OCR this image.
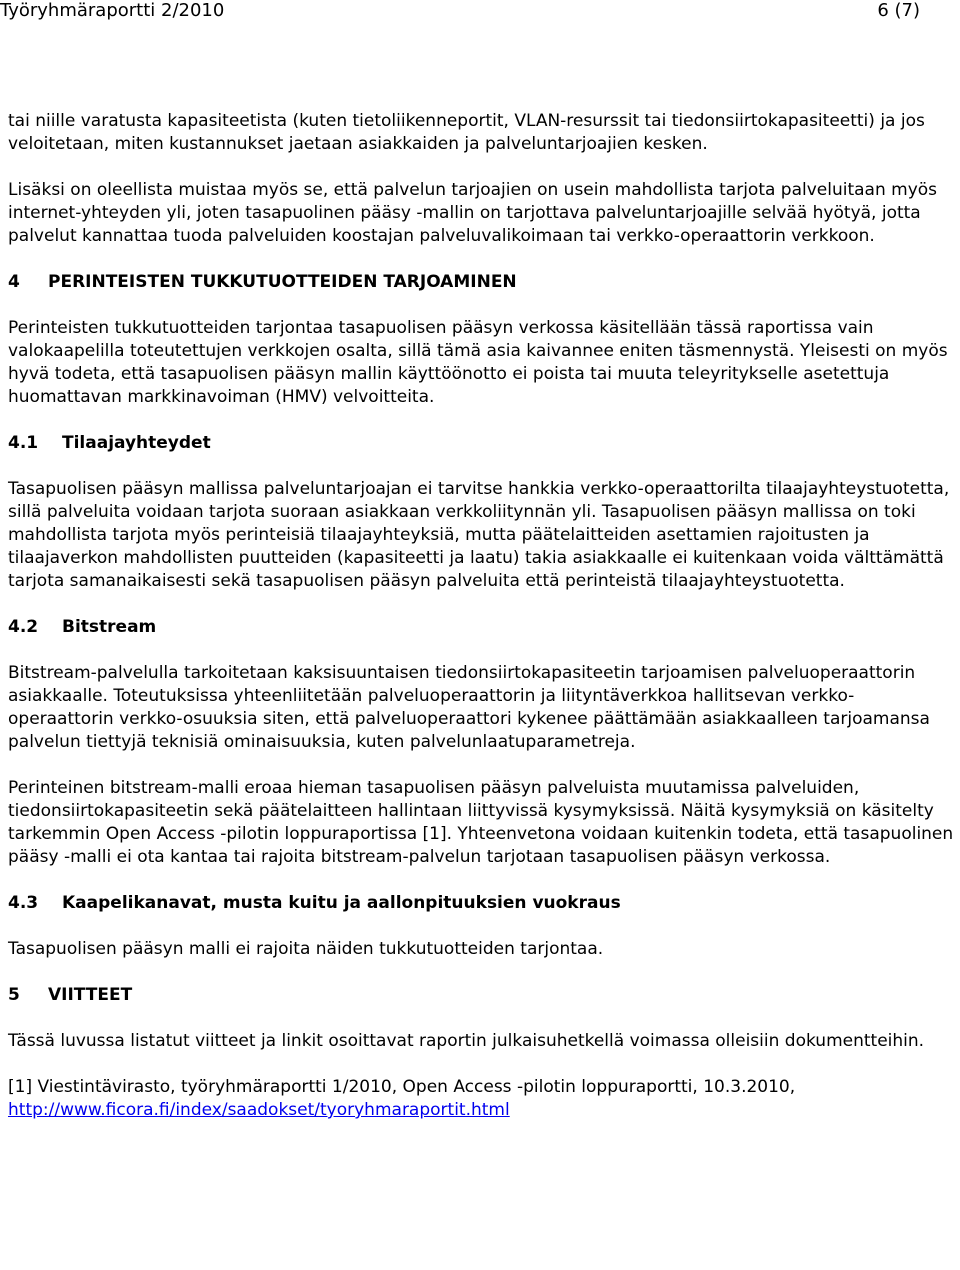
Työryhmäraportti 2/2010	6 (7)

tai niille varatusta kapasiteetista (kuten tietoliikenneportit, VLAN-resurssit tai tiedonsiirtokapasiteetti) ja jos veloitetaan, miten kustannukset jaetaan asiakkaiden ja palveluntarjoajien kesken.

Lisäksi on oleellista muistaa myös se, että palvelun tarjoajien on usein mahdollista tarjota palveluitaan myös internet-yhteyden yli, joten tasapuolinen pääsy -mallin on tarjottava palveluntarjoajille selvää hyötyä, jotta palvelut kannattaa tuoda palveluiden koostajan palveluvalikoimaan tai verkko-operaattorin verkkoon.

4 PERINTEISTEN TUKKUTUOTTEIDEN TARJOAMINEN

Perinteisten tukkutuotteiden tarjontaa tasapuolisen pääsyn verkossa käsitellään tässä raportissa vain valokaapelilla toteutettujen verkkojen osalta, sillä tämä asia kaivannee eniten täsmennystä. Yleisesti on myös hyvä todeta, että tasapuolisen pääsyn mallin käyttöönotto ei poista tai muuta teleyritykselle asetettuja huomattavan markkinavoiman (HMV) velvoitteita.

4.1 Tilaajayhteydet

Tasapuolisen pääsyn mallissa palveluntarjoajan ei tarvitse hankkia verkko-operaattorilta tilaajayhteystuotetta, sillä palveluita voidaan tarjota suoraan asiakkaan verkkoliitynnän yli. Tasapuolisen pääsyn mallissa on toki mahdollista tarjota myös perinteisiä tilaajayhteyksiä, mutta päätelaitteiden asettamien rajoitusten ja tilaajaverkon mahdollisten puutteiden (kapasiteetti ja laatu) takia asiakkaalle ei kuitenkaan voida välttämättä tarjota samanaikaisesti sekä tasapuolisen pääsyn palveluita että perinteistä tilaajayhteystuotetta.

4.2 Bitstream

Bitstream-palvelulla tarkoitetaan kaksisuuntaisen tiedonsiirtokapasiteetin tarjoamisen palveluoperaattorin asiakkaalle. Toteutuksissa yhteenliitetään palveluoperaattorin ja liityntäverkkoa hallitsevan verkko-operaattorin verkko-osuuksia siten, että palveluoperaattori kykenee päättämään asiakkaalleen tarjoamansa palvelun tiettyjä teknisiä ominaisuuksia, kuten palvelunlaatuparametreja.

Perinteinen bitstream-malli eroaa hieman tasapuolisen pääsyn palveluista muutamissa palveluiden, tiedonsiirtokapasiteetin sekä päätelaitteen hallintaan liittyvissä kysymyksissä. Näitä kysymyksiä on käsitelty tarkemmin Open Access -pilotin loppuraportissa [1]. Yhteenvetona voidaan kuitenkin todeta, että tasapuolinen pääsy -malli ei ota kantaa tai rajoita bitstream-palvelun tarjotaan tasapuolisen pääsyn verkossa.

4.3 Kaapelikanavat, musta kuitu ja aallonpituuksien vuokraus

Tasapuolisen pääsyn malli ei rajoita näiden tukkutuotteiden tarjontaa.

5 VIITTEET

Tässä luvussa listatut viitteet ja linkit osoittavat raportin julkaisuhetkellä voimassa olleisiin dokumentteihin.

[1] Viestintävirasto, työryhmäraportti 1/2010, Open Access -pilotin loppuraportti, 10.3.2010,
http://www.ficora.fi/index/saadokset/tyoryhmaraportit.html
